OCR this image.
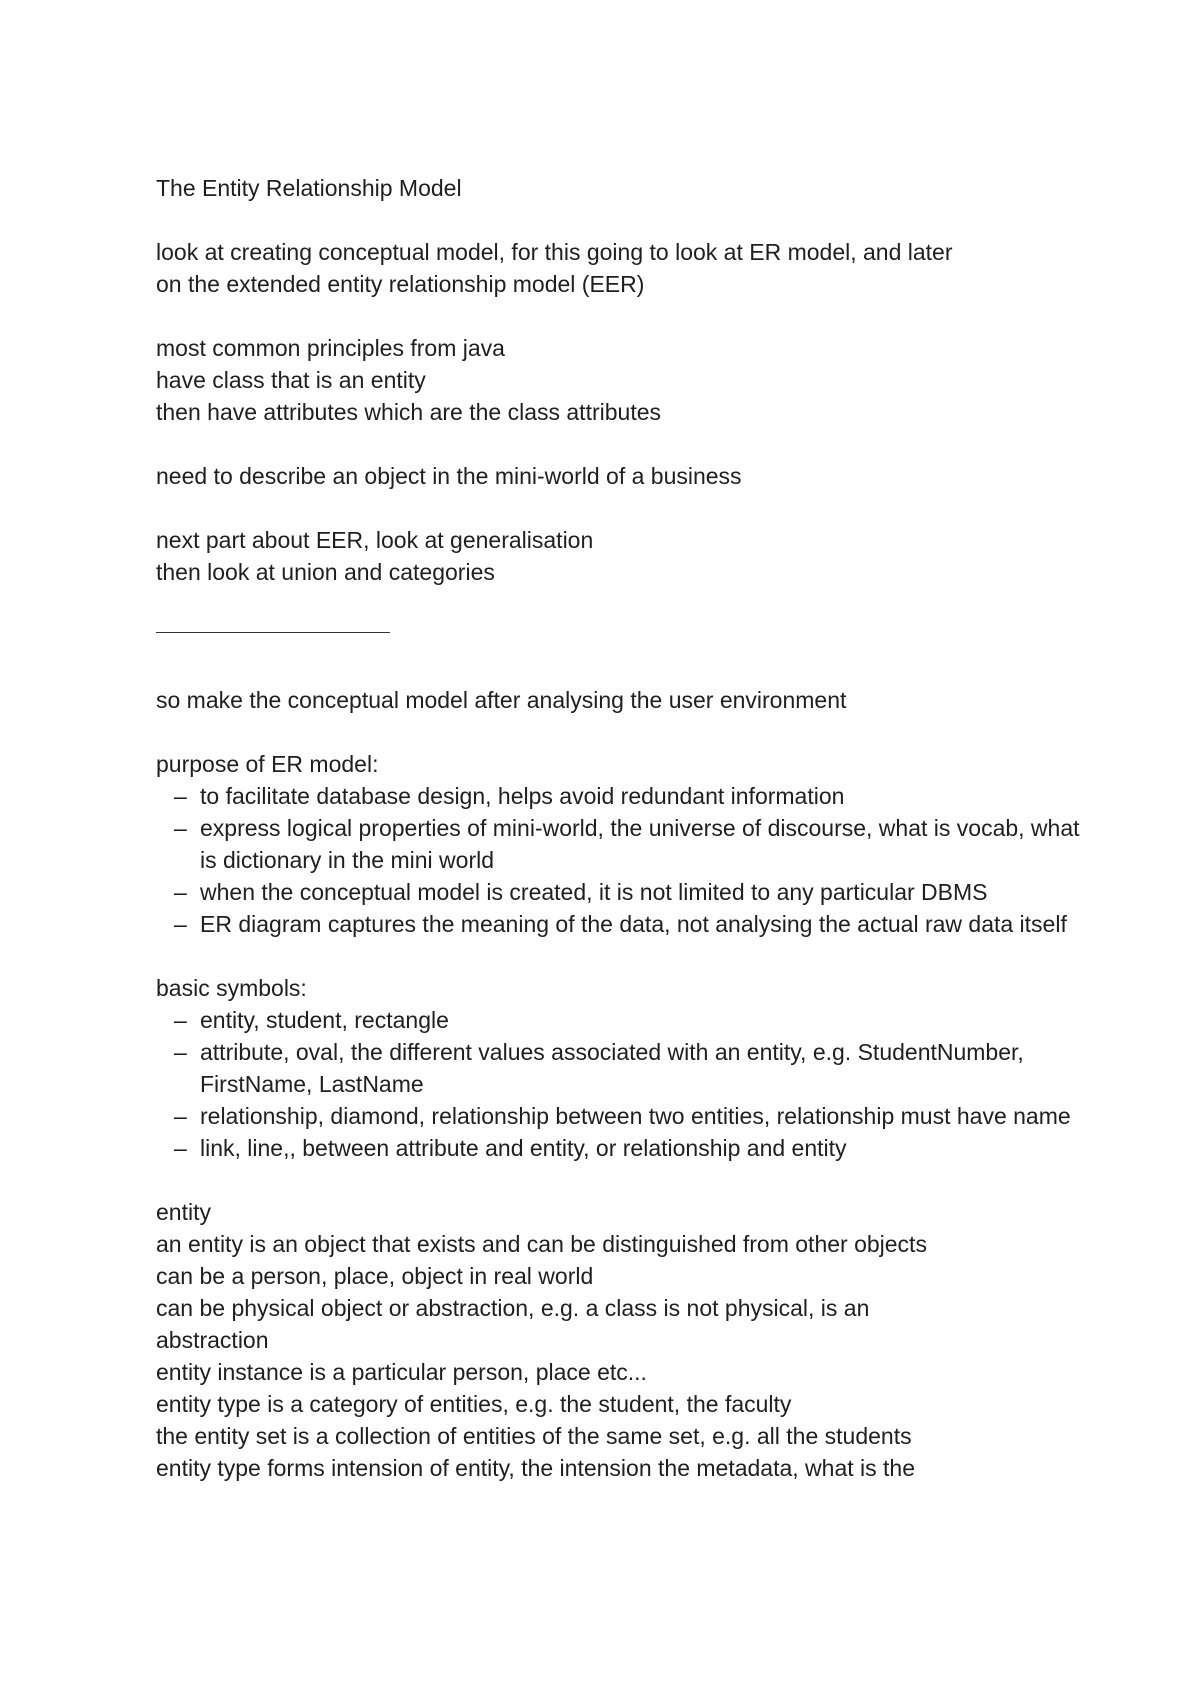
The Entity Relationship Model
look at creating conceptual model, for this going to look at ER model, and later
on the extended entity relationship model (EER)
most common principles from java
have class that is an entity
then have attributes which are the class attributes
need to describe an object in the mini-world of a business
next part about EER, look at generalisation
then look at union and categories
so make the conceptual model after analysing the user environment
purpose of ER model:
– to facilitate database design, helps avoid redundant information
– express logical properties of mini-world, the universe of discourse, what is vocab, what is dictionary in the mini world
– when the conceptual model is created, it is not limited to any particular DBMS
– ER diagram captures the meaning of the data, not analysing the actual raw data itself
basic symbols:
– entity, student, rectangle
– attribute, oval, the different values associated with an entity, e.g. StudentNumber, FirstName, LastName
– relationship, diamond, relationship between two entities, relationship must have name
– link, line,, between attribute and entity, or relationship and entity
entity
an entity is an object that exists and can be distinguished from other objects
can be a person, place, object in real world
can be physical object or abstraction, e.g. a class is not physical, is an
abstraction
entity instance is a particular person, place etc...
entity type is a category of entities, e.g. the student, the faculty
the entity set is a collection of entities of the same set, e.g. all the students
entity type forms intension of entity, the intension the metadata, what is the
